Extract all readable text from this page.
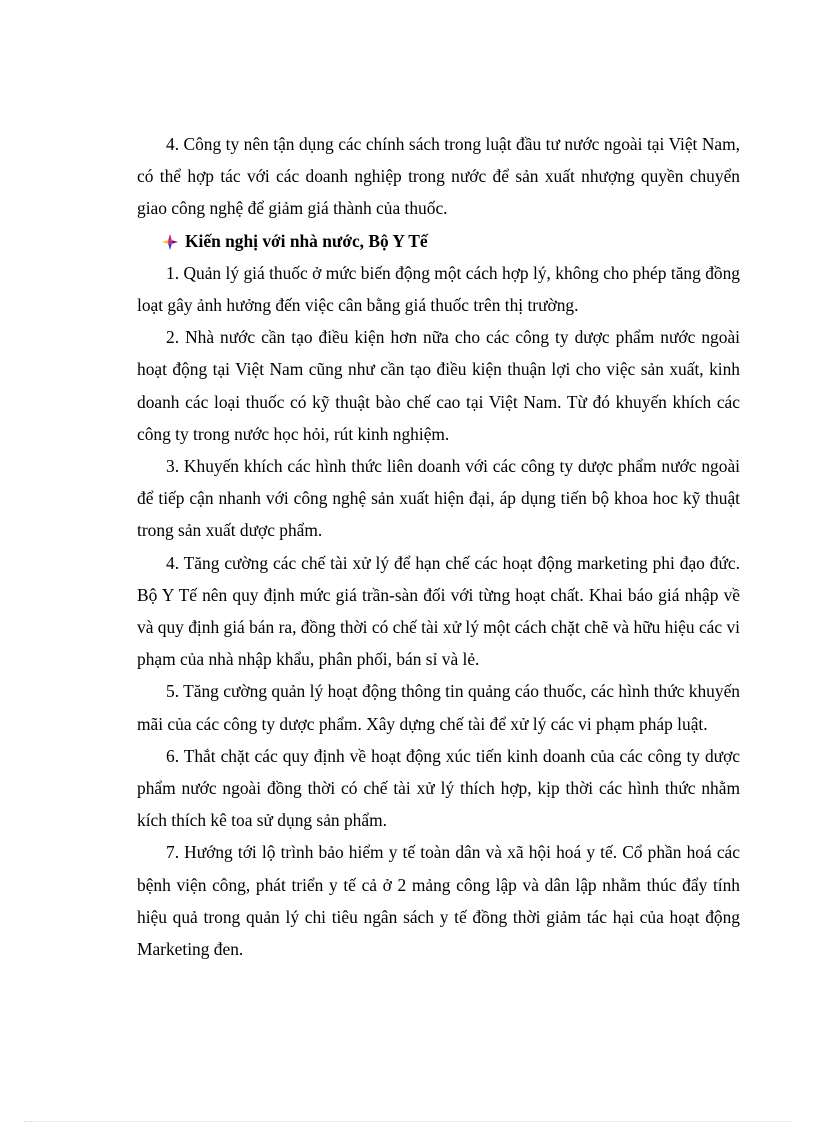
4. Công ty nên tận dụng các chính sách trong luật đầu tư nước ngoài tại Việt Nam, có thể hợp tác với các doanh nghiệp trong nước để sản xuất nhượng quyền chuyển giao công nghệ để giảm giá thành của thuốc.

Kiến nghị với nhà nước, Bộ Y Tế

1. Quản lý giá thuốc ở mức biến động một cách hợp lý, không cho phép tăng đồng loạt gây ảnh hưởng đến việc cân bằng giá thuốc trên thị trường.

2. Nhà nước cần tạo điều kiện hơn nữa cho các công ty dược phẩm nước ngoài hoạt động tại Việt Nam cũng như cần tạo điều kiện thuận lợi cho việc sản xuất, kinh doanh các loại thuốc có kỹ thuật bào chế cao tại Việt Nam. Từ đó khuyến khích các công ty trong nước học hỏi, rút kinh nghiệm.

3. Khuyến khích các hình thức liên doanh với các công ty dược phẩm nước ngoài để tiếp cận nhanh với công nghệ sản xuất hiện đại, áp dụng tiến bộ khoa hoc kỹ thuật trong sản xuất dược phẩm.

4. Tăng cường các chế tài xử lý để hạn chế các hoạt động marketing phi đạo đức. Bộ Y Tế nên quy định mức giá trần-sàn đối với từng hoạt chất. Khai báo giá nhập về và quy định giá bán ra, đồng thời có chế tài xử lý một cách chặt chẽ và hữu hiệu các vi phạm của nhà nhập khẩu, phân phối, bán sỉ và lẻ.

5. Tăng cường quản lý hoạt động thông tin quảng cáo thuốc, các hình thức khuyến mãi của các công ty dược phẩm. Xây dựng chế tài để xử lý các vi phạm pháp luật.

6. Thắt chặt các quy định về hoạt động xúc tiến kinh doanh của các công ty dược phẩm nước ngoài đồng thời có chế tài xử lý thích hợp, kịp thời các hình thức nhằm kích thích kê toa sử dụng sản phẩm.

7. Hướng tới lộ trình bảo hiểm y tế toàn dân và xã hội hoá y tế. Cổ phần hoá các bệnh viện công, phát triển y tế cả ở 2 mảng công lập và dân lập nhằm thúc đẩy tính hiệu quả trong quản lý chi tiêu ngân sách y tế đồng thời giảm tác hại của hoạt động Marketing đen.
